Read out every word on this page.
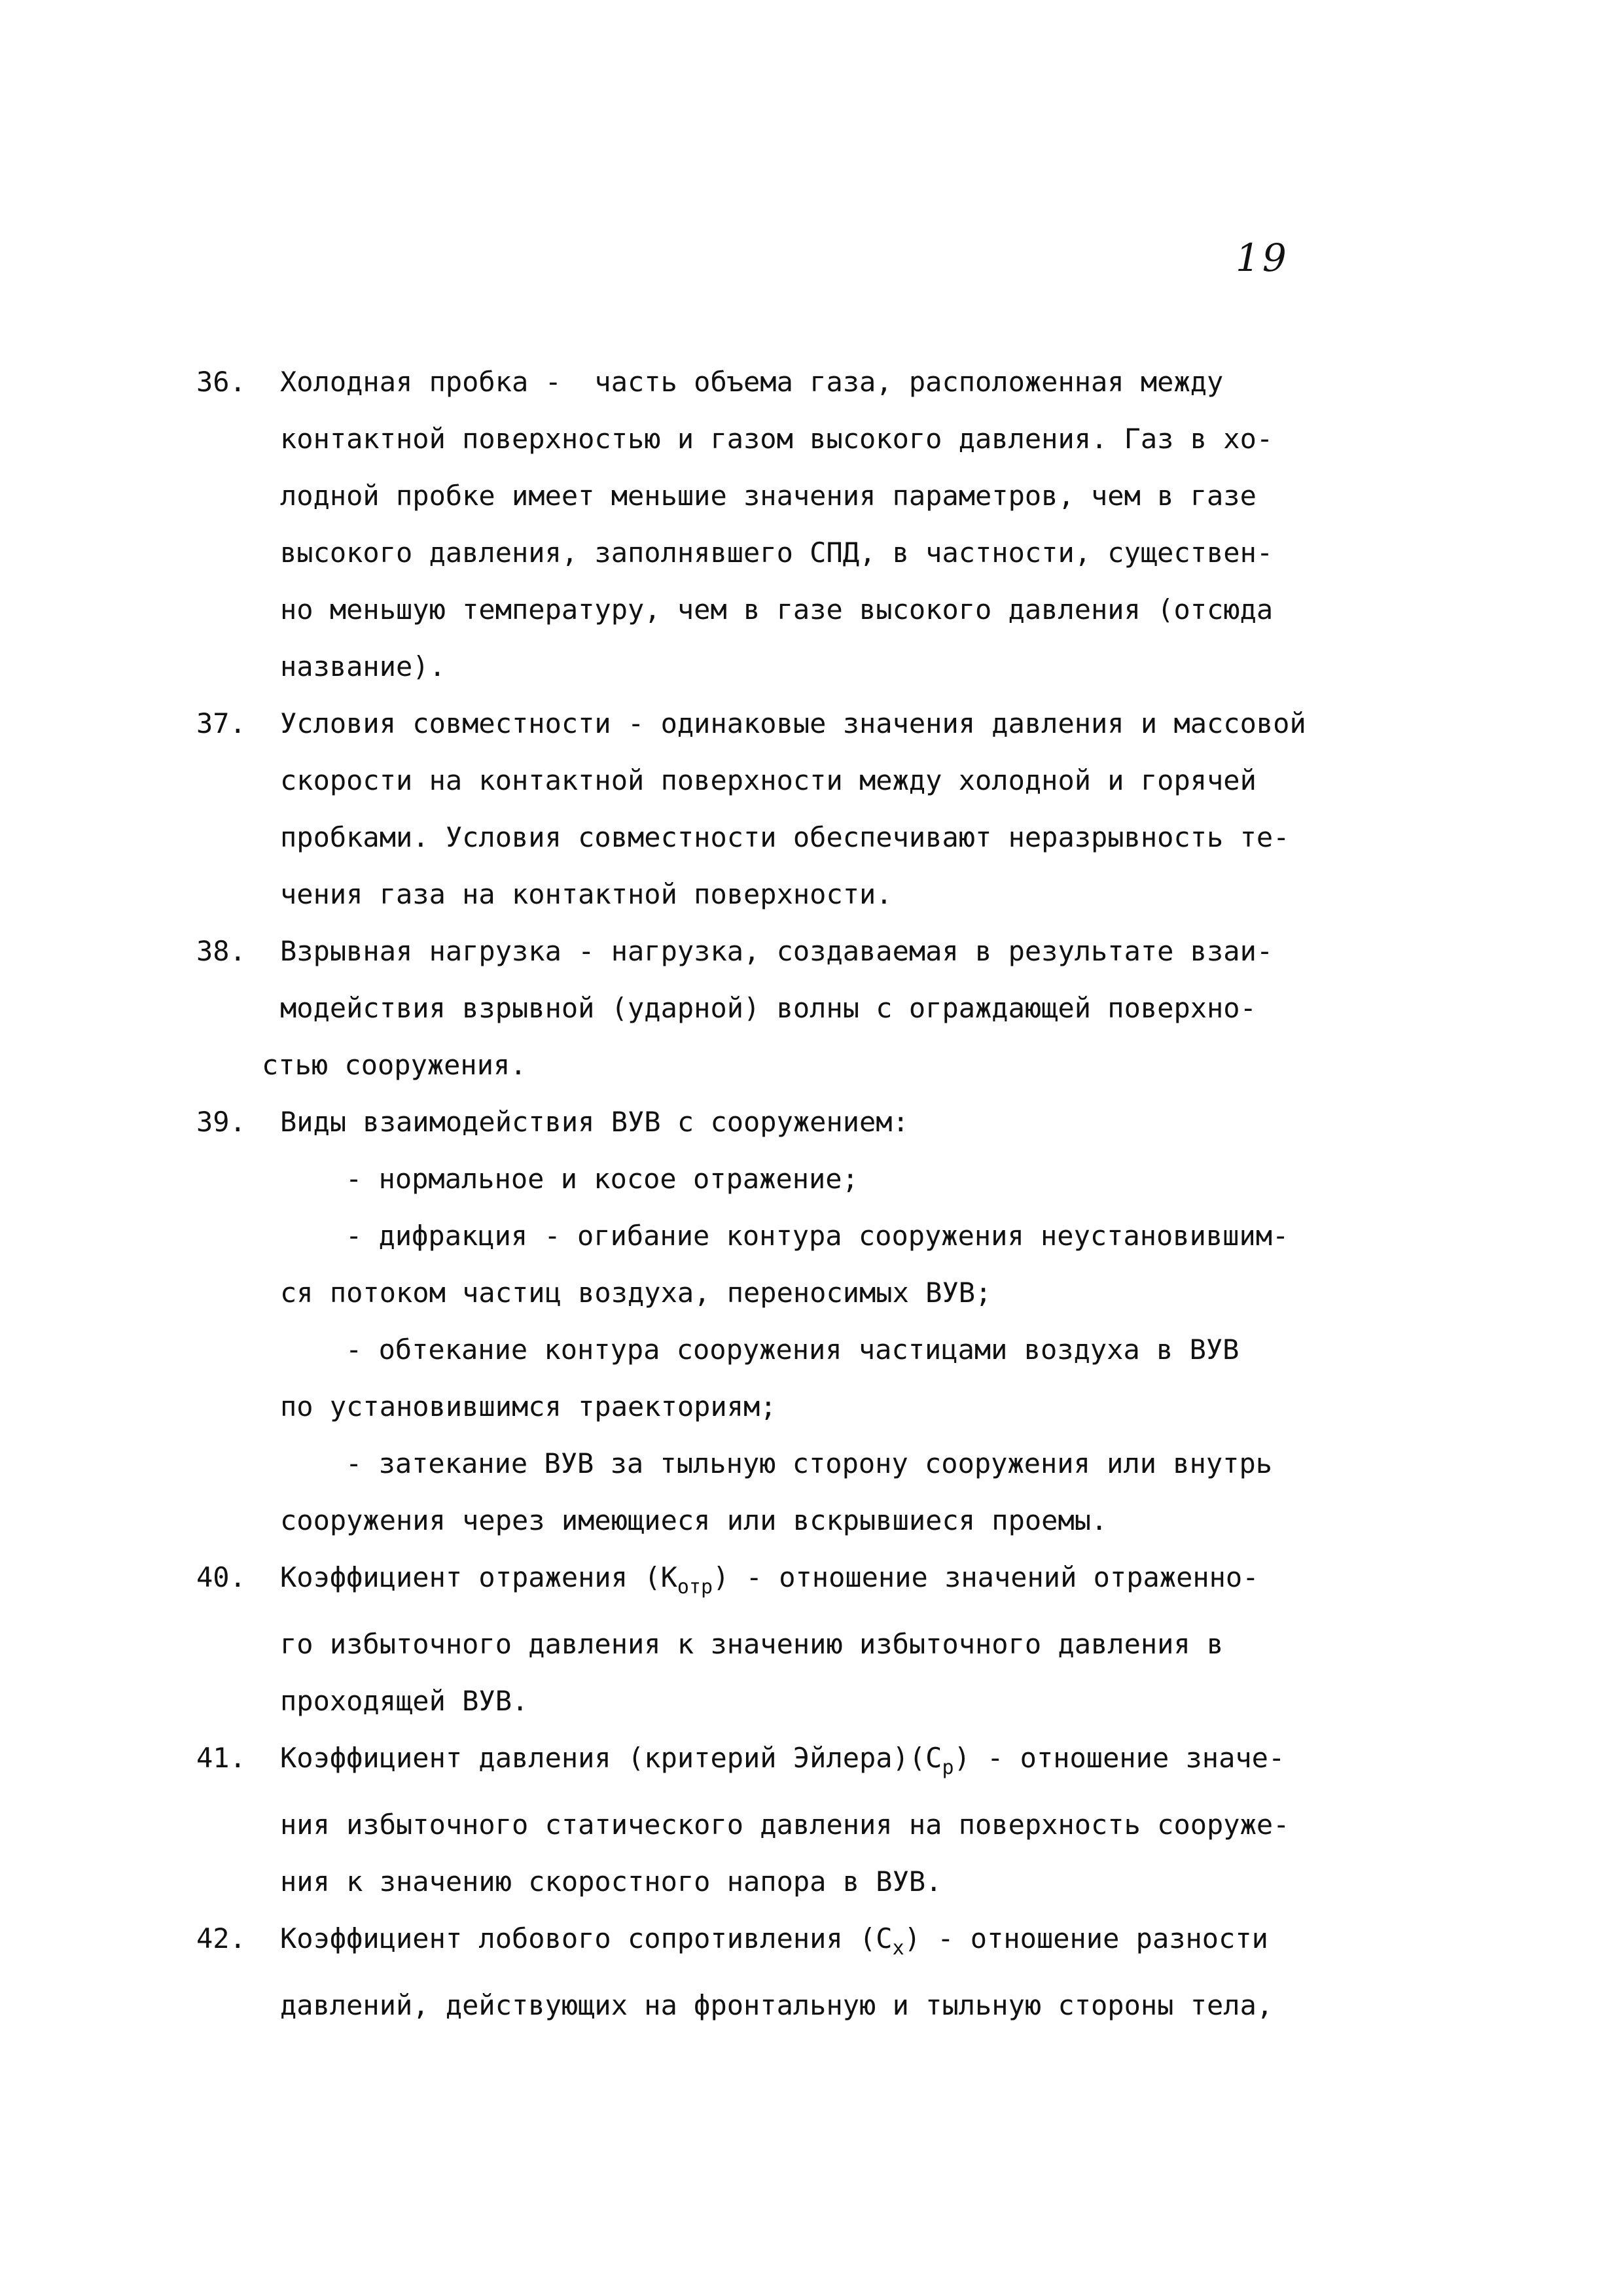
19
36.	Холодная пробка -  часть объема газа, расположенная между
контактной поверхностью и газом высокого давления. Газ в хо-
лодной пробке имеет меньшие значения параметров, чем в газе
высокого давления, заполнявшего СПД, в частности, существен-
но меньшую температуру, чем в газе высокого давления (отсюда
название).
37.	Условия совместности - одинаковые значения давления и массовой
скорости на контактной поверхности между холодной и горячей
пробками. Условия совместности обеспечивают неразрывность те-
чения газа на контактной поверхности.
38.	Взрывная нагрузка - нагрузка, создаваемая в результате взаи-
модействия взрывной (ударной) волны с ограждающей поверхно-
стью сооружения.
39.	Виды взаимодействия ВУВ с сооружением:
- нормальное и косое отражение;
- дифракция - огибание контура сооружения неустановившим-
ся потоком частиц воздуха, переносимых ВУВ;
- обтекание контура сооружения частицами воздуха в ВУВ
по установившимся траекториям;
- затекание ВУВ за тыльную сторону сооружения или внутрь
сооружения через имеющиеся или вскрывшиеся проемы.
40.	Коэффициент отражения $(К_{отр})$ - отношение значений отраженно-
го избыточного давления к значению избыточного давления в
проходящей ВУВ.
41.	Коэффициент давления (критерий $Эйлера)(С_р)$ - отношение значе-
ния избыточного статического давления на поверхность сооруже-
ния к значению скоростного напора в ВУВ.
42.	Коэффициент лобового сопротивления $(С_х)$ - отношение разности
давлений, действующих на фронтальную и тыльную стороны тела,
